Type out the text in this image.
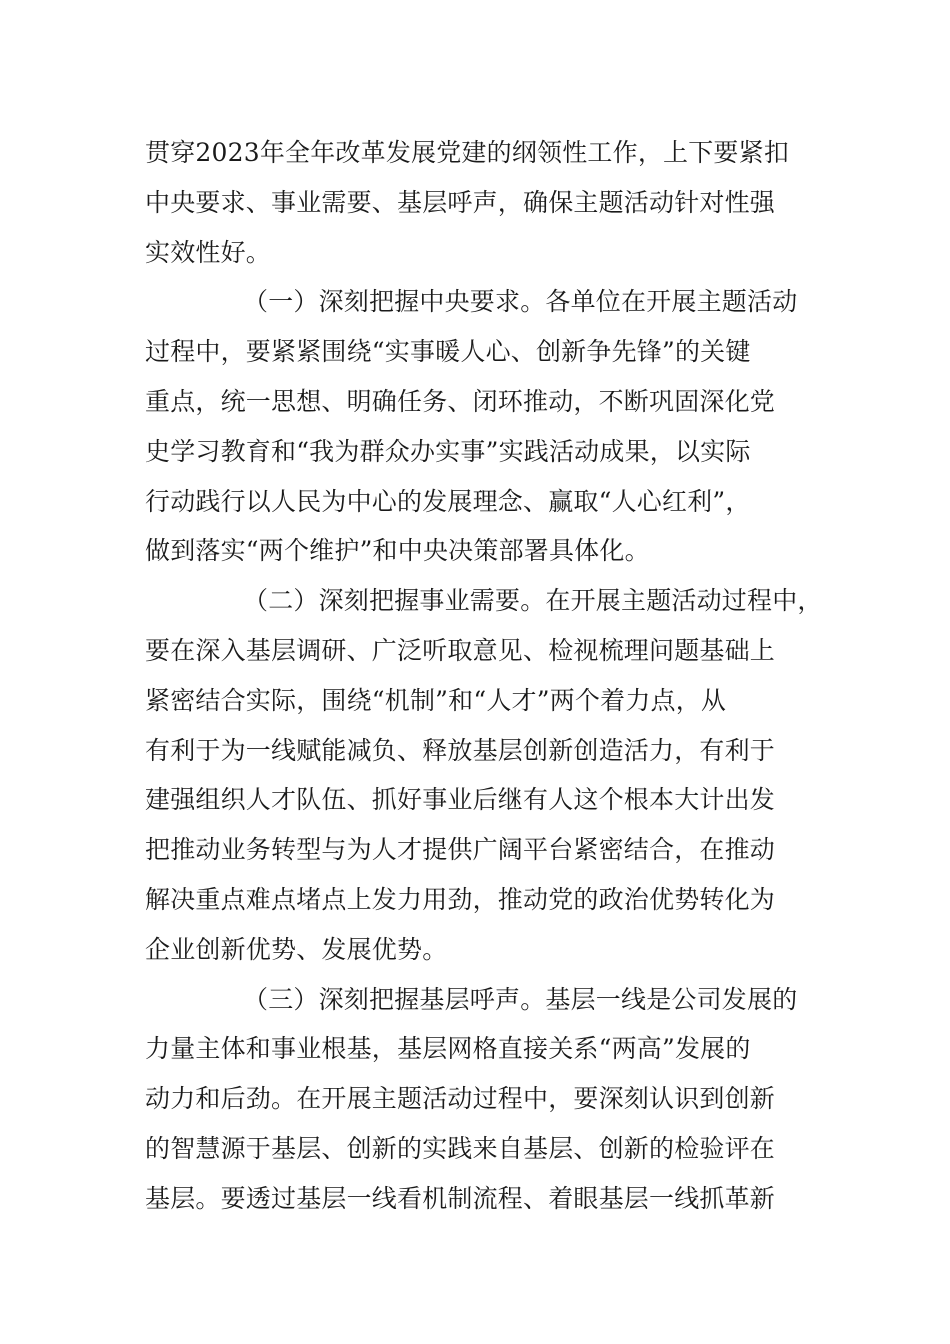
贯穿2023年全年改革发展党建的纲领性工作，上下要紧扣
中央要求、事业需要、基层呼声，确保主题活动针对性强
实效性好。
（一）深刻把握中央要求。各单位在开展主题活动
过程中，要紧紧围绕“实事暖人心、创新争先锋”的关键
重点，统一思想、明确任务、闭环推动，不断巩固深化党
史学习教育和“我为群众办实事”实践活动成果，以实际
行动践行以人民为中心的发展理念、赢取“人心红利”，
做到落实“两个维护”和中央决策部署具体化。
（二）深刻把握事业需要。在开展主题活动过程中，
要在深入基层调研、广泛听取意见、检视梳理问题基础上
紧密结合实际，围绕“机制”和“人才”两个着力点，从
有利于为一线赋能减负、释放基层创新创造活力，有利于
建强组织人才队伍、抓好事业后继有人这个根本大计出发
把推动业务转型与为人才提供广阔平台紧密结合，在推动
解决重点难点堵点上发力用劲，推动党的政治优势转化为
企业创新优势、发展优势。
（三）深刻把握基层呼声。基层一线是公司发展的
力量主体和事业根基，基层网格直接关系“两高”发展的
动力和后劲。在开展主题活动过程中，要深刻认识到创新
的智慧源于基层、创新的实践来自基层、创新的检验评在
基层。要透过基层一线看机制流程、着眼基层一线抓革新
